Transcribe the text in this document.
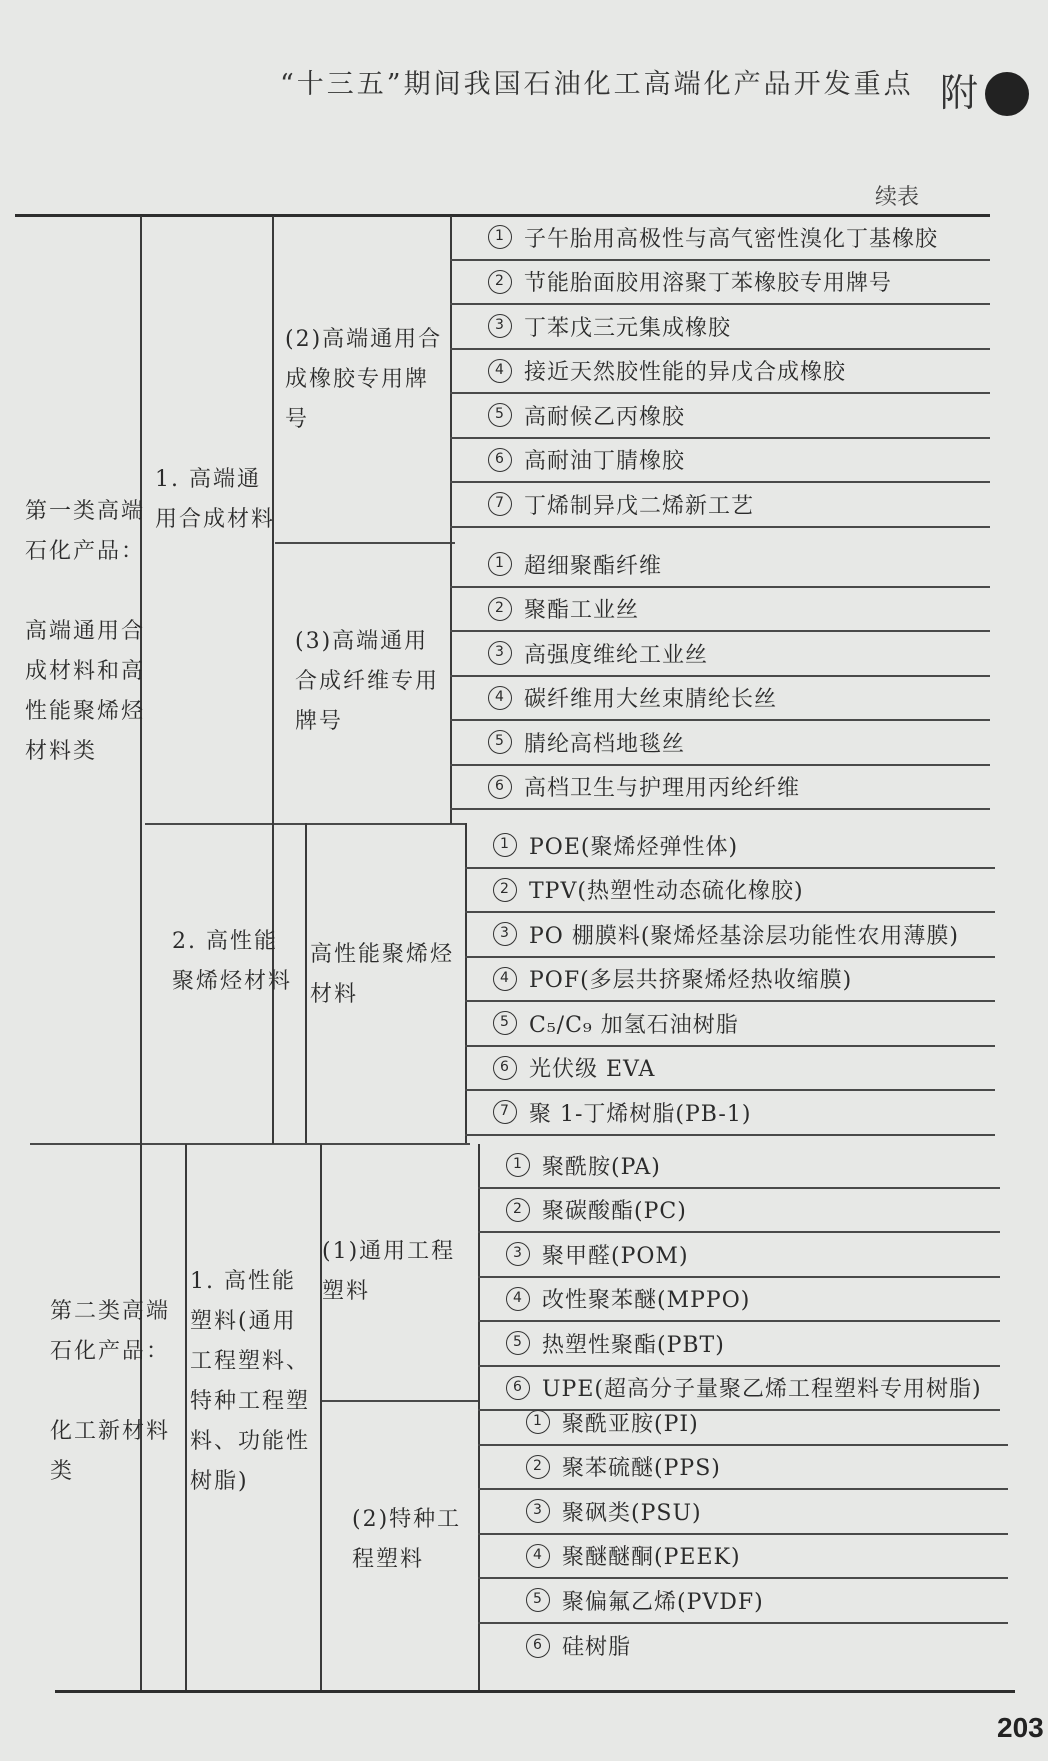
“十三五”期间我国石油化工高端化产品开发重点 附
续表
第一类高端石化产品：

高端通用合成材料和高性能聚烯烃材料类
第二类高端石化产品：

化工新材料类
1. 高端通用合成材料
2. 高性能聚烯烃材料
1. 高性能塑料(通用工程塑料、特种工程塑料、功能性树脂)
(2)高端通用合成橡胶专用牌号
(3)高端通用合成纤维专用牌号
高性能聚烯烃材料
(1)通用工程塑料
(2)特种工程塑料
1 子午胎用高极性与高气密性溴化丁基橡胶
2 节能胎面胶用溶聚丁苯橡胶专用牌号
3 丁苯戊三元集成橡胶
4 接近天然胶性能的异戊合成橡胶
5 高耐候乙丙橡胶
6 高耐油丁腈橡胶
7 丁烯制异戊二烯新工艺
1 超细聚酯纤维
2 聚酯工业丝
3 高强度维纶工业丝
4 碳纤维用大丝束腈纶长丝
5 腈纶高档地毯丝
6 高档卫生与护理用丙纶纤维
1 POE(聚烯烃弹性体)
2 TPV(热塑性动态硫化橡胶)
3 PO 棚膜料(聚烯烃基涂层功能性农用薄膜)
4 POF(多层共挤聚烯烃热收缩膜)
5 C₅/C₉ 加氢石油树脂
6 光伏级 EVA
7 聚 1-丁烯树脂(PB-1)
1 聚酰胺(PA)
2 聚碳酸酯(PC)
3 聚甲醛(POM)
4 改性聚苯醚(MPPO)
5 热塑性聚酯(PBT)
6 UPE(超高分子量聚乙烯工程塑料专用树脂)
1 聚酰亚胺(PI)
2 聚苯硫醚(PPS)
3 聚砜类(PSU)
4 聚醚醚酮(PEEK)
5 聚偏氟乙烯(PVDF)
6 硅树脂
203
